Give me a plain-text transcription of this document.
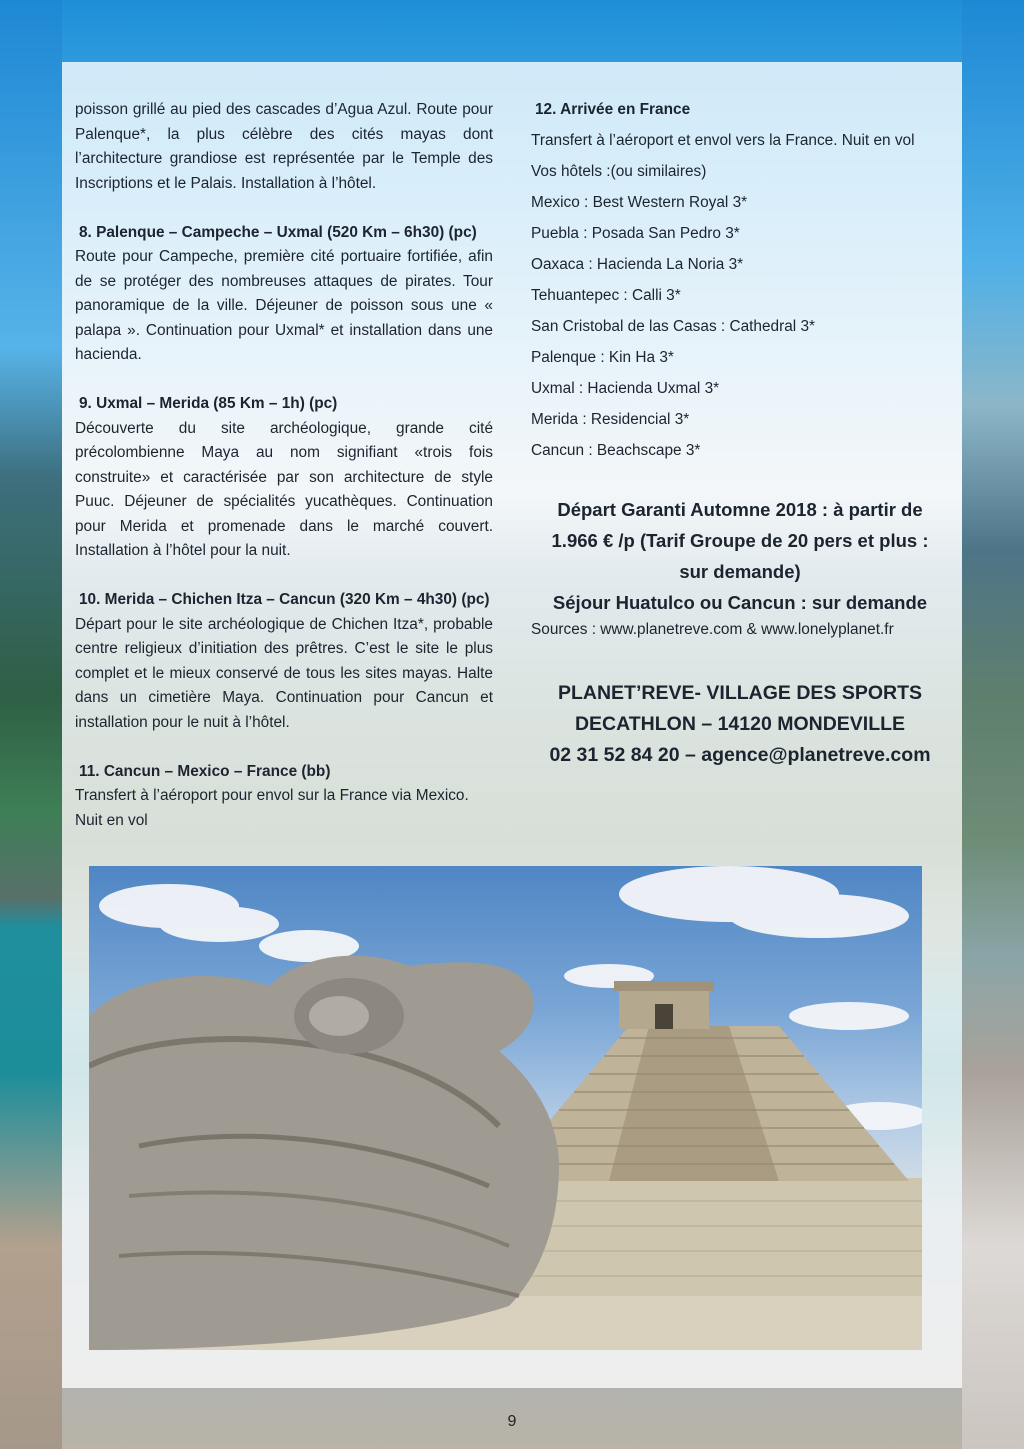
poisson grillé au pied des cascades d’Agua Azul. Route pour Palenque*, la plus célèbre des cités mayas dont l’architecture grandiose est représentée par le Temple des Inscriptions et le Palais. Installation à l’hôtel.

8. Palenque – Campeche – Uxmal (520 Km – 6h30) (pc)
Route pour Campeche, première cité portuaire fortifiée, afin de se protéger des nombreuses attaques de pirates. Tour panoramique de la ville. Déjeuner de poisson sous une « palapa ». Continuation pour Uxmal* et installation dans une hacienda.

9. Uxmal – Merida (85 Km – 1h) (pc)
Découverte du site archéologique, grande cité précolombienne Maya au nom signifiant «trois fois construite» et caractérisée par son architecture de style Puuc. Déjeuner de spécialités yucathèques. Continuation pour Merida et promenade dans le marché couvert. Installation à l’hôtel pour la nuit.

10. Merida – Chichen Itza – Cancun (320 Km – 4h30) (pc)
Départ pour le site archéologique de Chichen Itza*, probable centre religieux d’initiation des prêtres. C’est le site le plus complet et le mieux conservé de tous les sites mayas. Halte dans un cimetière Maya. Continuation pour Cancun et installation pour le nuit à l’hôtel.

11. Cancun – Mexico – France (bb)
Transfert à l’aéroport pour envol sur la France via Mexico. Nuit en vol

12. Arrivée en France
Transfert à l’aéroport et envol vers la France. Nuit en vol
Vos hôtels :(ou similaires)
Mexico : Best Western Royal 3*
Puebla : Posada San Pedro 3*
Oaxaca : Hacienda La Noria 3*
Tehuantepec : Calli 3*
San Cristobal de las Casas : Cathedral 3*
Palenque : Kin Ha 3*
Uxmal : Hacienda Uxmal 3*
Merida : Residencial 3*
Cancun : Beachscape 3*
Départ Garanti Automne 2018 : à partir de
1.966 € /p (Tarif Groupe de 20 pers et plus :
sur demande)
Séjour Huatulco ou Cancun : sur demande
Sources : www.planetreve.com & www.lonelyplanet.fr
PLANET’REVE- VILLAGE DES SPORTS
DECATHLON – 14120 MONDEVILLE
02 31 52 84 20 – agence@planetreve.com
9
